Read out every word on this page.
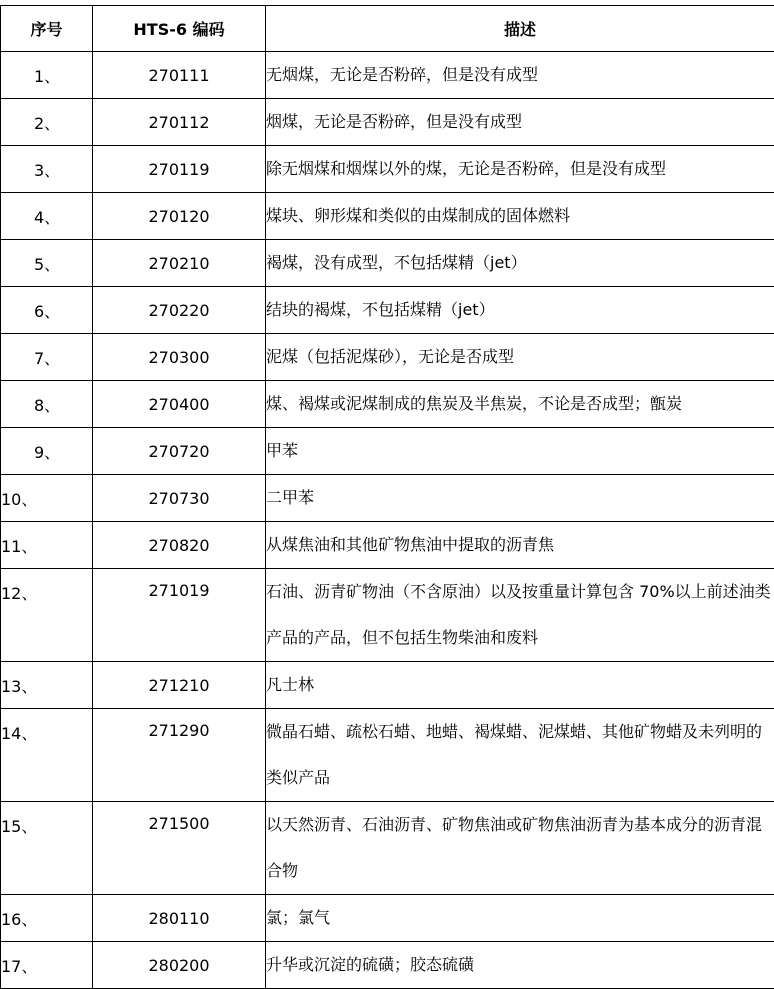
序号	HTS-6 编码	描述
1、	270111	无烟煤，无论是否粉碎，但是没有成型
2、	270112	烟煤，无论是否粉碎，但是没有成型
3、	270119	除无烟煤和烟煤以外的煤，无论是否粉碎，但是没有成型
4、	270120	煤块、卵形煤和类似的由煤制成的固体燃料
5、	270210	褐煤，没有成型，不包括煤精（jet）
6、	270220	结块的褐煤，不包括煤精（jet）
7、	270300	泥煤（包括泥煤砂），无论是否成型
8、	270400	煤、褐煤或泥煤制成的焦炭及半焦炭，不论是否成型；甑炭
9、	270720	甲苯
10、	270730	二甲苯
11、	270820	从煤焦油和其他矿物焦油中提取的沥青焦
12、	271019	石油、沥青矿物油（不含原油）以及按重量计算包含 70%以上前述油类产品的产品，但不包括生物柴油和废料
13、	271210	凡士林
14、	271290	微晶石蜡、疏松石蜡、地蜡、褐煤蜡、泥煤蜡、其他矿物蜡及未列明的类似产品
15、	271500	以天然沥青、石油沥青、矿物焦油或矿物焦油沥青为基本成分的沥青混合物
16、	280110	氯；氯气
17、	280200	升华或沉淀的硫磺；胶态硫磺
